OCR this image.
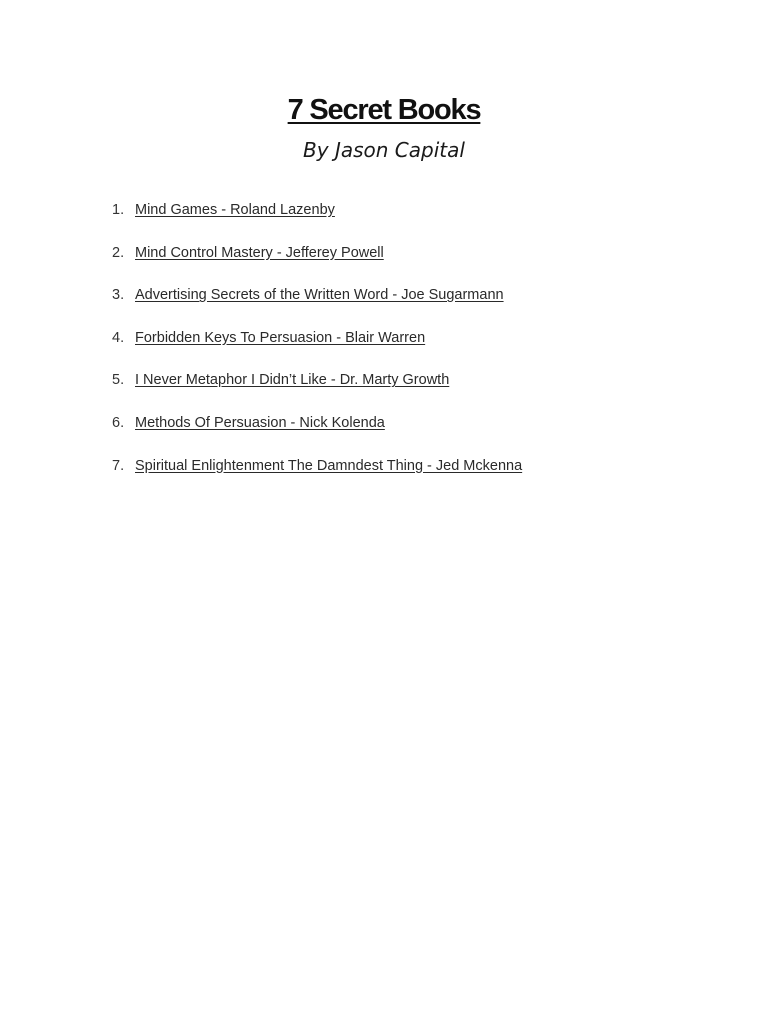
7 Secret Books

By Jason Capital

1. Mind Games - Roland Lazenby
2. Mind Control Mastery - Jefferey Powell
3. Advertising Secrets of the Written Word - Joe Sugarmann
4. Forbidden Keys To Persuasion - Blair Warren
5. I Never Metaphor I Didn’t Like - Dr. Marty Growth
6. Methods Of Persuasion - Nick Kolenda
7. Spiritual Enlightenment The Damndest Thing - Jed Mckenna
